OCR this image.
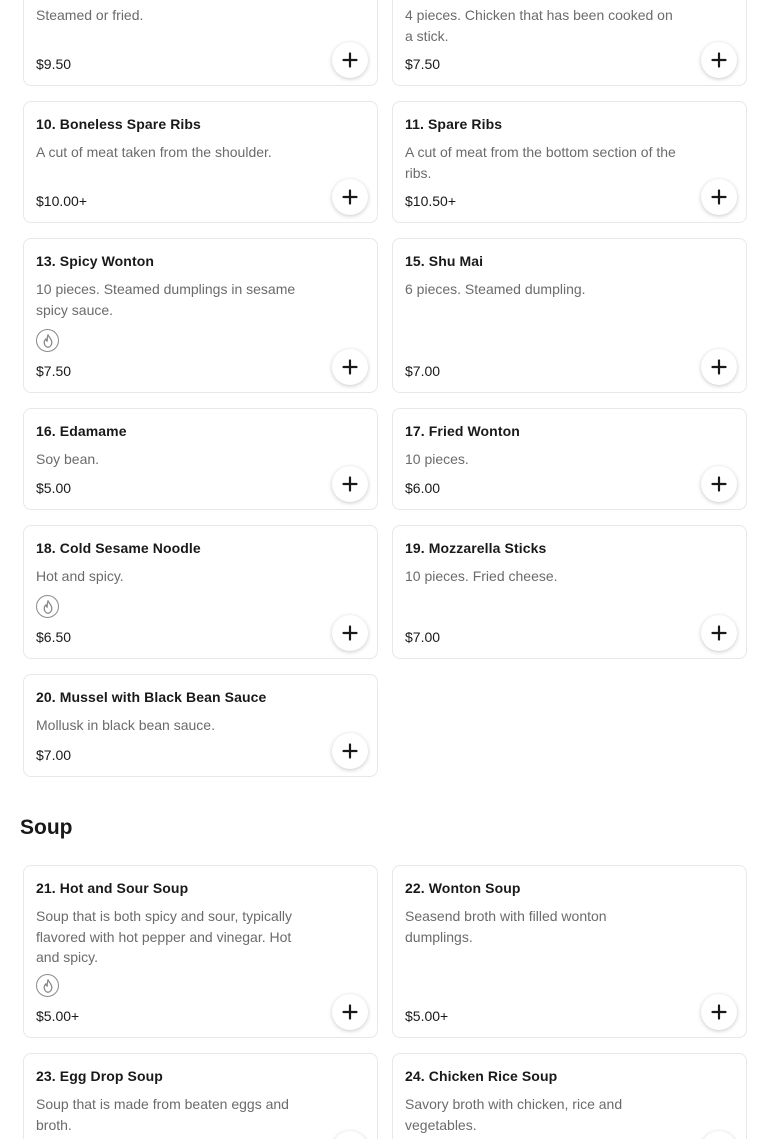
Steamed or fried.
$9.50
4 pieces. Chicken that has been cooked on a stick.
$7.50
10. Boneless Spare Ribs
A cut of meat taken from the shoulder.
$10.00+
11. Spare Ribs
A cut of meat from the bottom section of the ribs.
$10.50+
13. Spicy Wonton
10 pieces. Steamed dumplings in sesame spicy sauce.
$7.50
15. Shu Mai
6 pieces. Steamed dumpling.
$7.00
16. Edamame
Soy bean.
$5.00
17. Fried Wonton
10 pieces.
$6.00
18. Cold Sesame Noodle
Hot and spicy.
$6.50
19. Mozzarella Sticks
10 pieces. Fried cheese.
$7.00
20. Mussel with Black Bean Sauce
Mollusk in black bean sauce.
$7.00
Soup
21. Hot and Sour Soup
Soup that is both spicy and sour, typically flavored with hot pepper and vinegar. Hot and spicy.
$5.00+
22. Wonton Soup
Seasend broth with filled wonton dumplings.
$5.00+
23. Egg Drop Soup
Soup that is made from beaten eggs and broth.
24. Chicken Rice Soup
Savory broth with chicken, rice and vegetables.
